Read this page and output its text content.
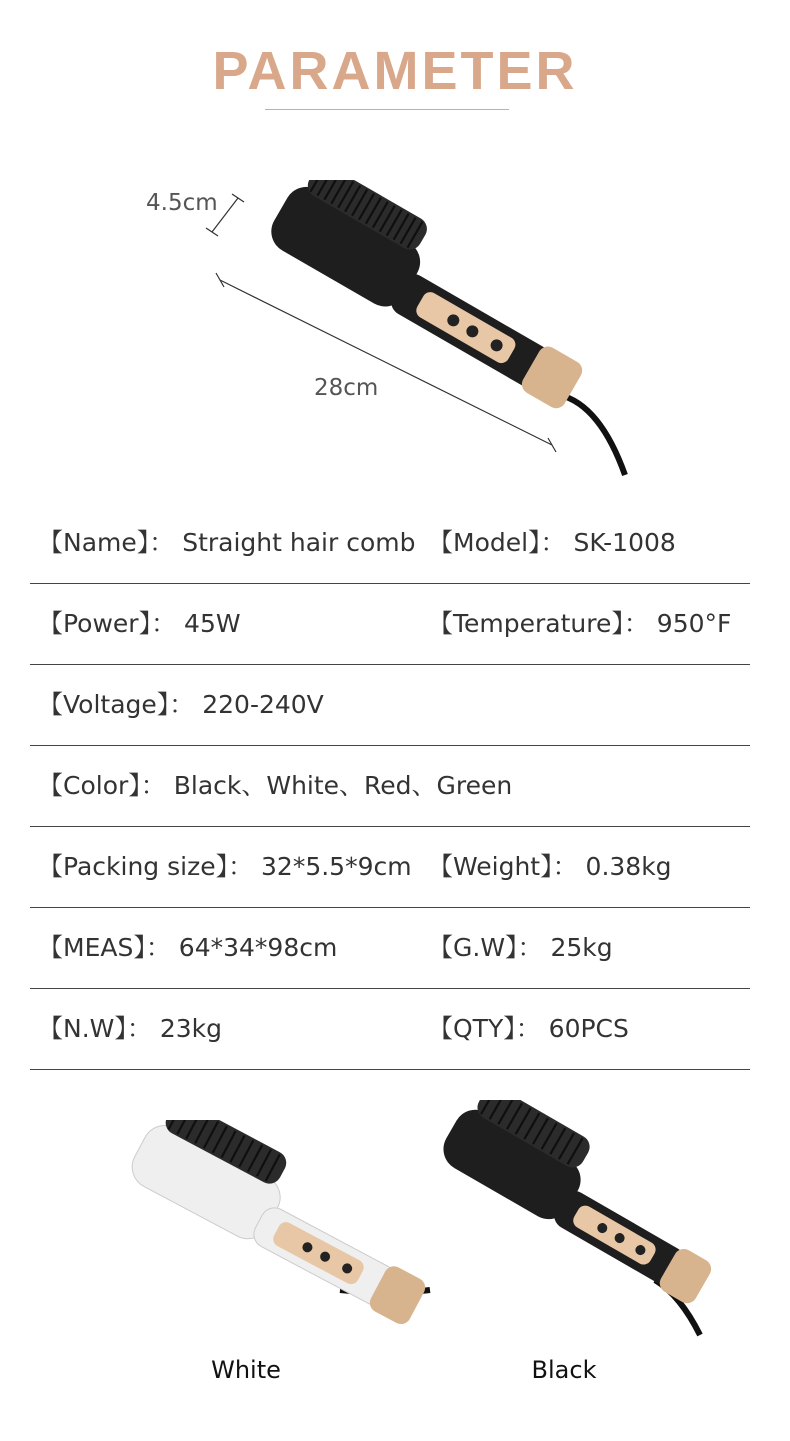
PARAMETER
4.5cm
28cm
【Name】： Straight hair comb 【Model】： SK-1008
【Power】： 45W	【Temperature】： 950°F
【Voltage】： 220-240V
【Color】： Black、White、Red、Green
【Packing size】： 32*5.5*9cm 【Weight】： 0.38kg
【MEAS】： 64*34*98cm	【G.W】： 25kg
【N.W】： 23kg	【QTY】： 60PCS
White	Black
